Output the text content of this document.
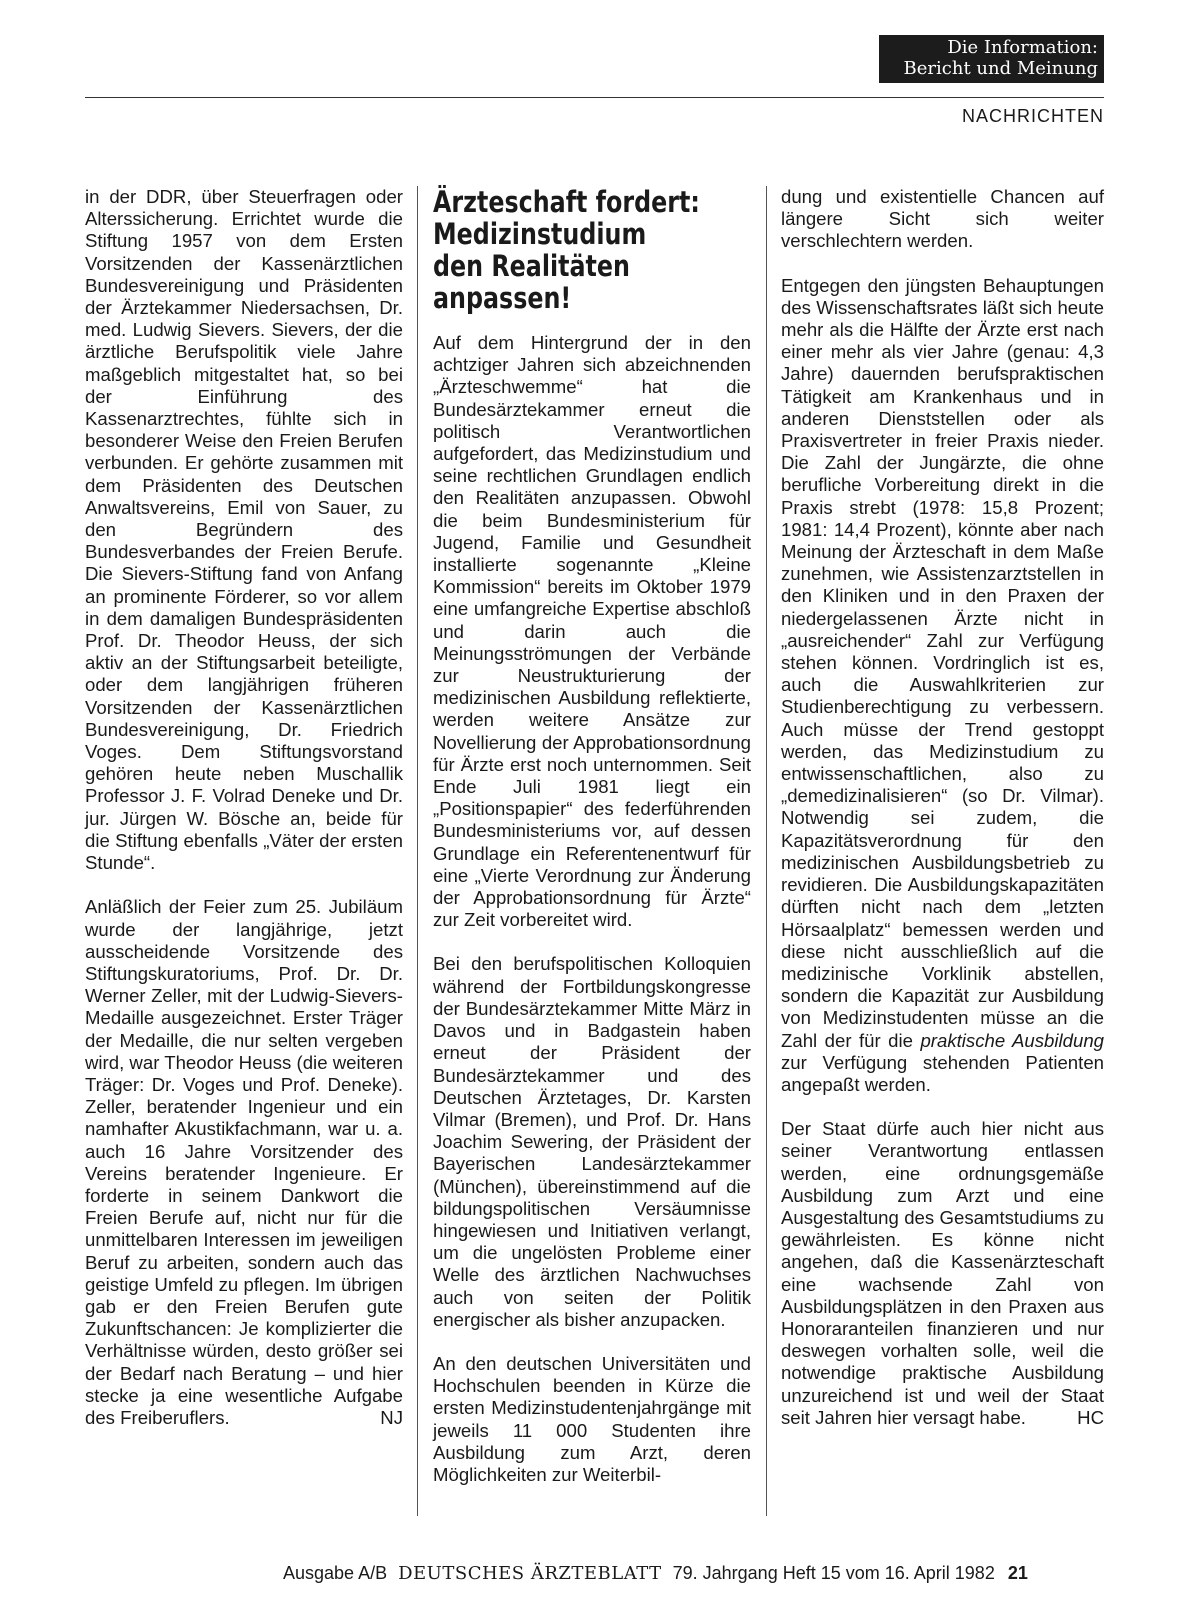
Die Information:
Bericht und Meinung
NACHRICHTEN

in der DDR, über Steuerfragen oder Alterssicherung. Errichtet wurde die Stiftung 1957 von dem Ersten Vorsitzenden der Kassenärztlichen Bundesvereinigung und Präsidenten der Ärztekammer Niedersachsen, Dr. med. Ludwig Sievers. Sievers, der die ärztliche Berufspolitik viele Jahre maßgeblich mitgestaltet hat, so bei der Einführung des Kassenarztrechtes, fühlte sich in besonderer Weise den Freien Berufen verbunden. Er gehörte zusammen mit dem Präsidenten des Deutschen Anwaltsvereins, Emil von Sauer, zu den Begründern des Bundesverbandes der Freien Berufe. Die Sievers-Stiftung fand von Anfang an prominente Förderer, so vor allem in dem damaligen Bundespräsidenten Prof. Dr. Theodor Heuss, der sich aktiv an der Stiftungsarbeit beteiligte, oder dem langjährigen früheren Vorsitzenden der Kassenärztlichen Bundesvereinigung, Dr. Friedrich Voges. Dem Stiftungsvorstand gehören heute neben Muschallik Professor J. F. Volrad Deneke und Dr. jur. Jürgen W. Bösche an, beide für die Stiftung ebenfalls „Väter der ersten Stunde“.

Anläßlich der Feier zum 25. Jubiläum wurde der langjährige, jetzt ausscheidende Vorsitzende des Stiftungskuratoriums, Prof. Dr. Dr. Werner Zeller, mit der Ludwig-Sievers-Medaille ausgezeichnet. Erster Träger der Medaille, die nur selten vergeben wird, war Theodor Heuss (die weiteren Träger: Dr. Voges und Prof. Deneke). Zeller, beratender Ingenieur und ein namhafter Akustikfachmann, war u. a. auch 16 Jahre Vorsitzender des Vereins beratender Ingenieure. Er forderte in seinem Dankwort die Freien Berufe auf, nicht nur für die unmittelbaren Interessen im jeweiligen Beruf zu arbeiten, sondern auch das geistige Umfeld zu pflegen. Im übrigen gab er den Freien Berufen gute Zukunftschancen: Je komplizierter die Verhältnisse würden, desto größer sei der Bedarf nach Beratung – und hier stecke ja eine wesentliche Aufgabe des Freiberuflers.	NJ

Ärzteschaft fordert:
Medizinstudium
den Realitäten anpassen!

Auf dem Hintergrund der in den achtziger Jahren sich abzeichnenden „Ärzteschwemme“ hat die Bundesärztekammer erneut die politisch Verantwortlichen aufgefordert, das Medizinstudium und seine rechtlichen Grundlagen endlich den Realitäten anzupassen. Obwohl die beim Bundesministerium für Jugend, Familie und Gesundheit installierte sogenannte „Kleine Kommission“ bereits im Oktober 1979 eine umfangreiche Expertise abschloß und darin auch die Meinungsströmungen der Verbände zur Neustrukturierung der medizinischen Ausbildung reflektierte, werden weitere Ansätze zur Novellierung der Approbationsordnung für Ärzte erst noch unternommen. Seit Ende Juli 1981 liegt ein „Positionspapier“ des federführenden Bundesministeriums vor, auf dessen Grundlage ein Referentenentwurf für eine „Vierte Verordnung zur Änderung der Approbationsordnung für Ärzte“ zur Zeit vorbereitet wird.

Bei den berufspolitischen Kolloquien während der Fortbildungskongresse der Bundesärztekammer Mitte März in Davos und in Badgastein haben erneut der Präsident der Bundesärztekammer und des Deutschen Ärztetages, Dr. Karsten Vilmar (Bremen), und Prof. Dr. Hans Joachim Sewering, der Präsident der Bayerischen Landesärztekammer (München), übereinstimmend auf die bildungspolitischen Versäumnisse hingewiesen und Initiativen verlangt, um die ungelösten Probleme einer Welle des ärztlichen Nachwuchses auch von seiten der Politik energischer als bisher anzupacken.

An den deutschen Universitäten und Hochschulen beenden in Kürze die ersten Medizinstudentenjahrgänge mit jeweils 11 000 Studenten ihre Ausbildung zum Arzt, deren Möglichkeiten zur Weiterbil-

dung und existentielle Chancen auf längere Sicht sich weiter verschlechtern werden.

Entgegen den jüngsten Behauptungen des Wissenschaftsrates läßt sich heute mehr als die Hälfte der Ärzte erst nach einer mehr als vier Jahre (genau: 4,3 Jahre) dauernden berufspraktischen Tätigkeit am Krankenhaus und in anderen Dienststellen oder als Praxisvertreter in freier Praxis nieder. Die Zahl der Jungärzte, die ohne berufliche Vorbereitung direkt in die Praxis strebt (1978: 15,8 Prozent; 1981: 14,4 Prozent), könnte aber nach Meinung der Ärzteschaft in dem Maße zunehmen, wie Assistenzarztstellen in den Kliniken und in den Praxen der niedergelassenen Ärzte nicht in „ausreichender“ Zahl zur Verfügung stehen können. Vordringlich ist es, auch die Auswahlkriterien zur Studienberechtigung zu verbessern. Auch müsse der Trend gestoppt werden, das Medizinstudium zu entwissenschaftlichen, also zu „demedizinalisieren“ (so Dr. Vilmar). Notwendig sei zudem, die Kapazitätsverordnung für den medizinischen Ausbildungsbetrieb zu revidieren. Die Ausbildungskapazitäten dürften nicht nach dem „letzten Hörsaalplatz“ bemessen werden und diese nicht ausschließlich auf die medizinische Vorklinik abstellen, sondern die Kapazität zur Ausbildung von Medizinstudenten müsse an die Zahl der für die praktische Ausbildung zur Verfügung stehenden Patienten angepaßt werden.

Der Staat dürfe auch hier nicht aus seiner Verantwortung entlassen werden, eine ordnungsgemäße Ausbildung zum Arzt und eine Ausgestaltung des Gesamtstudiums zu gewährleisten. Es könne nicht angehen, daß die Kassenärzteschaft eine wachsende Zahl von Ausbildungsplätzen in den Praxen aus Honoraranteilen finanzieren und nur deswegen vorhalten solle, weil die notwendige praktische Ausbildung unzureichend ist und weil der Staat seit Jahren hier versagt habe.	HC

Ausgabe A/B DEUTSCHES ÄRZTEBLATT 79. Jahrgang Heft 15 vom 16. April 1982 21
